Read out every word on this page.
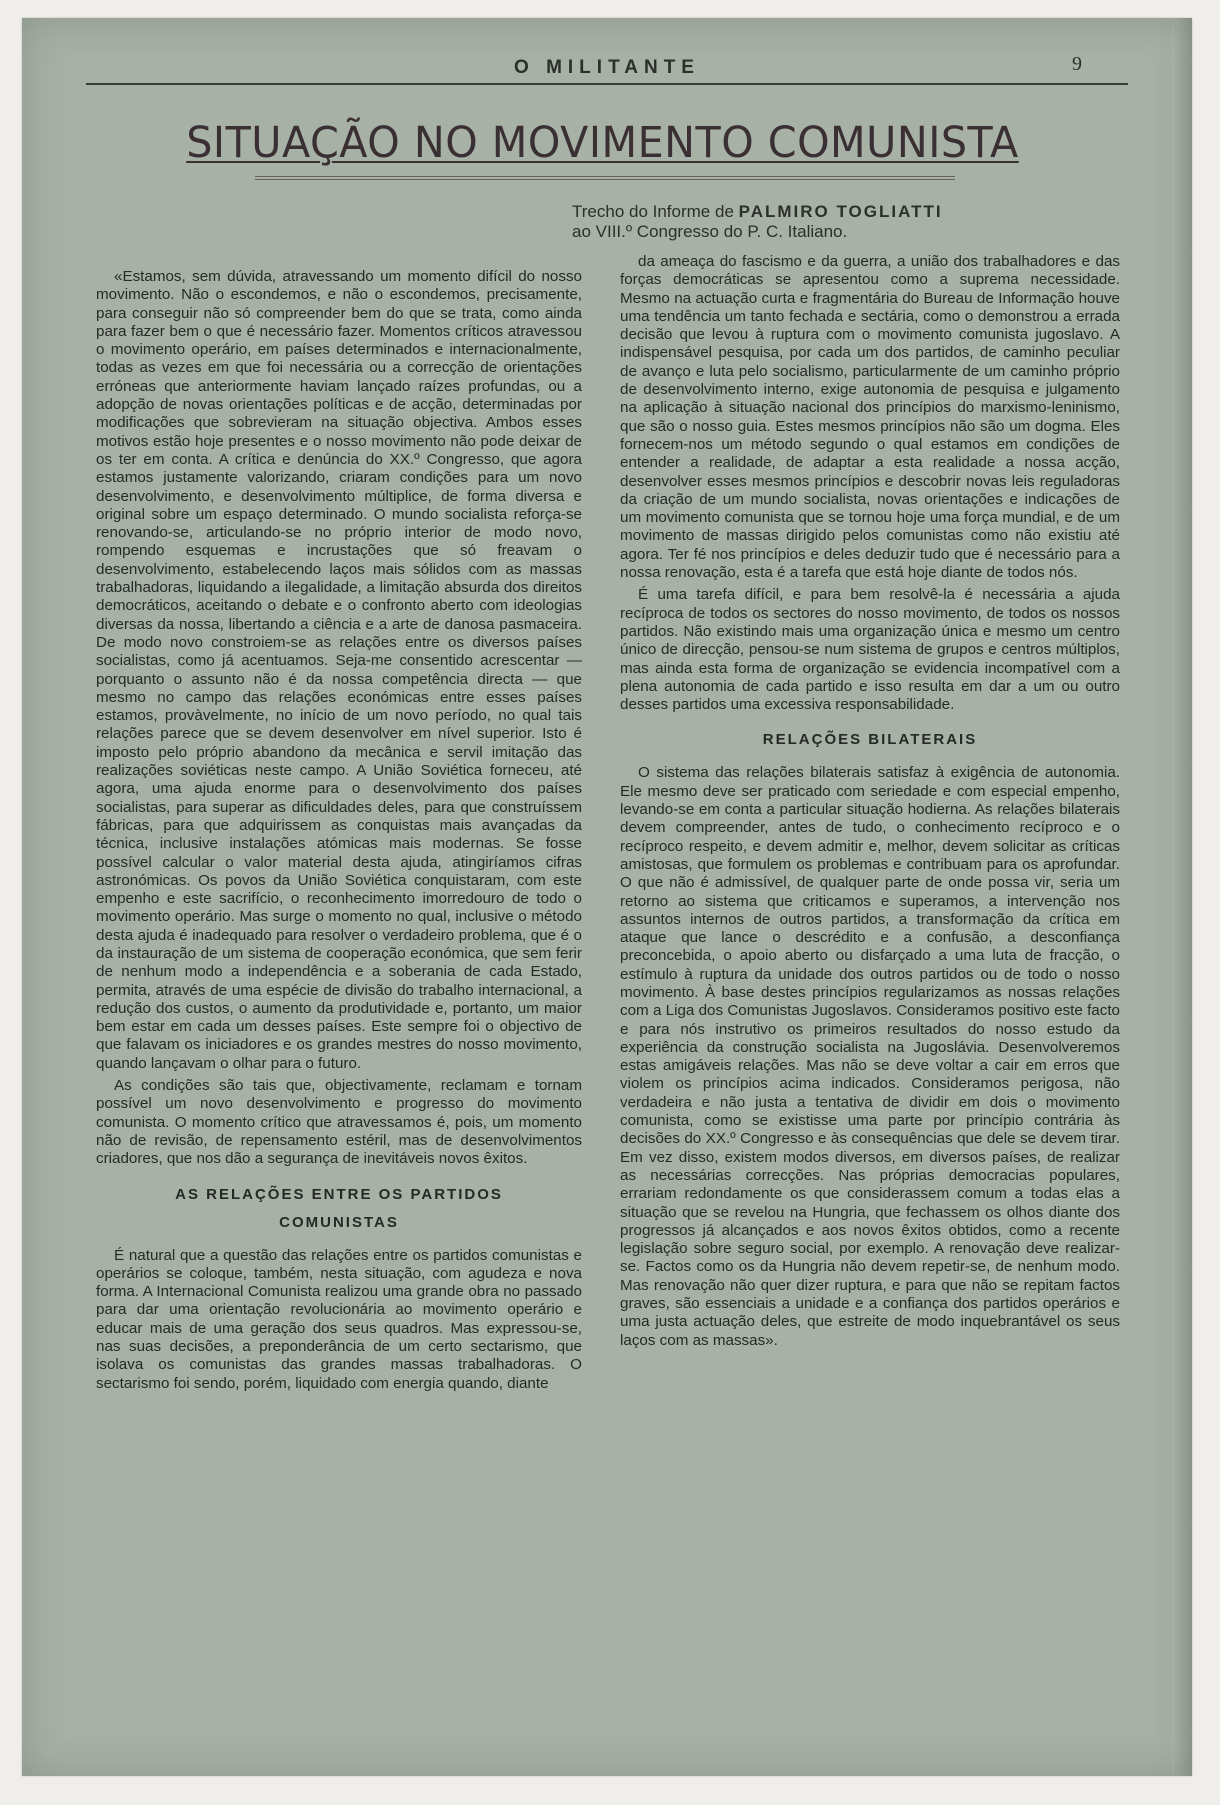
O MILITANTE	9
SITUAÇÃO NO MOVIMENTO COMUNISTA
Trecho do Informe de PALMIRO TOGLIATTI
ao VIII.º Congresso do P. C. Italiano.

«Estamos, sem dúvida, atravessando um momento difícil do nosso movimento. Não o escondemos, e não o escondemos, precisamente, para conseguir não só compreender bem do que se trata, como ainda para fazer bem o que é necessário fazer. Momentos críticos atravessou o movimento operário, em países determinados e internacionalmente, todas as vezes em que foi necessária ou a correcção de orientações erróneas que anteriormente haviam lançado raízes profundas, ou a adopção de novas orientações políticas e de acção, determinadas por modificações que sobrevieram na situação objectiva. Ambos esses motivos estão hoje presentes e o nosso movimento não pode deixar de os ter em conta. A crítica e denúncia do XX.º Congresso, que agora estamos justamente valorizando, criaram condições para um novo desenvolvimento, e desenvolvimento múltiplice, de forma diversa e original sobre um espaço determinado. O mundo socialista reforça-se renovando-se, articulando-se no próprio interior de modo novo, rompendo esquemas e incrustações que só freavam o desenvolvimento, estabelecendo laços mais sólidos com as massas trabalhadoras, liquidando a ilegalidade, a limitação absurda dos direitos democráticos, aceitando o debate e o confronto aberto com ideologias diversas da nossa, libertando a ciência e a arte de danosa pasmaceira. De modo novo constroiem-se as relações entre os diversos países socialistas, como já acentuamos. Seja-me consentido acrescentar — porquanto o assunto não é da nossa competência directa — que mesmo no campo das relações económicas entre esses países estamos, provàvelmente, no início de um novo período, no qual tais relações parece que se devem desenvolver em nível superior. Isto é imposto pelo próprio abandono da mecânica e servil imitação das realizações soviéticas neste campo. A União Soviética forneceu, até agora, uma ajuda enorme para o desenvolvimento dos países socialistas, para superar as dificuldades deles, para que construíssem fábricas, para que adquirissem as conquistas mais avançadas da técnica, inclusive instalações atómicas mais modernas. Se fosse possível calcular o valor material desta ajuda, atingiríamos cifras astronómicas. Os povos da União Soviética conquistaram, com este empenho e este sacrifício, o reconhecimento imorredouro de todo o movimento operário. Mas surge o momento no qual, inclusive o método desta ajuda é inadequado para resolver o verdadeiro problema, que é o da instauração de um sistema de cooperação económica, que sem ferir de nenhum modo a independência e a soberania de cada Estado, permita, através de uma espécie de divisão do trabalho internacional, a redução dos custos, o aumento da produtividade e, portanto, um maior bem estar em cada um desses países. Este sempre foi o objectivo de que falavam os iniciadores e os grandes mestres do nosso movimento, quando lançavam o olhar para o futuro.

As condições são tais que, objectivamente, reclamam e tornam possível um novo desenvolvimento e progresso do movimento comunista. O momento crítico que atravessamos é, pois, um momento não de revisão, de repensamento estéril, mas de desenvolvimentos criadores, que nos dão a segurança de inevitáveis novos êxitos.

AS RELAÇÕES ENTRE OS PARTIDOS
COMUNISTAS

É natural que a questão das relações entre os partidos comunistas e operários se coloque, também, nesta situação, com agudeza e nova forma. A Internacional Comunista realizou uma grande obra no passado para dar uma orientação revolucionária ao movimento operário e educar mais de uma geração dos seus quadros. Mas expressou-se, nas suas decisões, a preponderância de um certo sectarismo, que isolava os comunistas das grandes massas trabalhadoras. O sectarismo foi sendo, porém, liquidado com energia quando, diante

da ameaça do fascismo e da guerra, a união dos trabalhadores e das forças democráticas se apresentou como a suprema necessidade. Mesmo na actuação curta e fragmentária do Bureau de Informação houve uma tendência um tanto fechada e sectária, como o demonstrou a errada decisão que levou à ruptura com o movimento comunista jugoslavo. A indispensável pesquisa, por cada um dos partidos, de caminho peculiar de avanço e luta pelo socialismo, particularmente de um caminho próprio de desenvolvimento interno, exige autonomia de pesquisa e julgamento na aplicação à situação nacional dos princípios do marxismo-leninismo, que são o nosso guia. Estes mesmos princípios não são um dogma. Eles fornecem-nos um método segundo o qual estamos em condições de entender a realidade, de adaptar a esta realidade a nossa acção, desenvolver esses mesmos princípios e descobrir novas leis reguladoras da criação de um mundo socialista, novas orientações e indicações de um movimento comunista que se tornou hoje uma força mundial, e de um movimento de massas dirigido pelos comunistas como não existiu até agora. Ter fé nos princípios e deles deduzir tudo que é necessário para a nossa renovação, esta é a tarefa que está hoje diante de todos nós.

É uma tarefa difícil, e para bem resolvê-la é necessária a ajuda recíproca de todos os sectores do nosso movimento, de todos os nossos partidos. Não existindo mais uma organização única e mesmo um centro único de direcção, pensou-se num sistema de grupos e centros múltiplos, mas ainda esta forma de organização se evidencia incompatível com a plena autonomia de cada partido e isso resulta em dar a um ou outro desses partidos uma excessiva responsabilidade.

RELAÇÕES BILATERAIS

O sistema das relações bilaterais satisfaz à exigência de autonomia. Ele mesmo deve ser praticado com seriedade e com especial empenho, levando-se em conta a particular situação hodierna. As relações bilaterais devem compreender, antes de tudo, o conhecimento recíproco e o recíproco respeito, e devem admitir e, melhor, devem solicitar as críticas amistosas, que formulem os problemas e contribuam para os aprofundar. O que não é admissível, de qualquer parte de onde possa vir, seria um retorno ao sistema que criticamos e superamos, a intervenção nos assuntos internos de outros partidos, a transformação da crítica em ataque que lance o descrédito e a confusão, a desconfiança preconcebida, o apoio aberto ou disfarçado a uma luta de fracção, o estímulo à ruptura da unidade dos outros partidos ou de todo o nosso movimento. À base destes princípios regularizamos as nossas relações com a Liga dos Comunistas Jugoslavos. Consideramos positivo este facto e para nós instrutivo os primeiros resultados do nosso estudo da experiência da construção socialista na Jugoslávia. Desenvolveremos estas amigáveis relações. Mas não se deve voltar a cair em erros que violem os princípios acima indicados. Consideramos perigosa, não verdadeira e não justa a tentativa de dividir em dois o movimento comunista, como se existisse uma parte por princípio contrária às decisões do XX.º Congresso e às consequências que dele se devem tirar. Em vez disso, existem modos diversos, em diversos países, de realizar as necessárias correcções. Nas próprias democracias populares, errariam redondamente os que considerassem comum a todas elas a situação que se revelou na Hungria, que fechassem os olhos diante dos progressos já alcançados e aos novos êxitos obtidos, como a recente legislação sobre seguro social, por exemplo. A renovação deve realizar-se. Factos como os da Hungria não devem repetir-se, de nenhum modo. Mas renovação não quer dizer ruptura, e para que não se repitam factos graves, são essenciais a unidade e a confiança dos partidos operários e uma justa actuação deles, que estreite de modo inquebrantável os seus laços com as massas».
